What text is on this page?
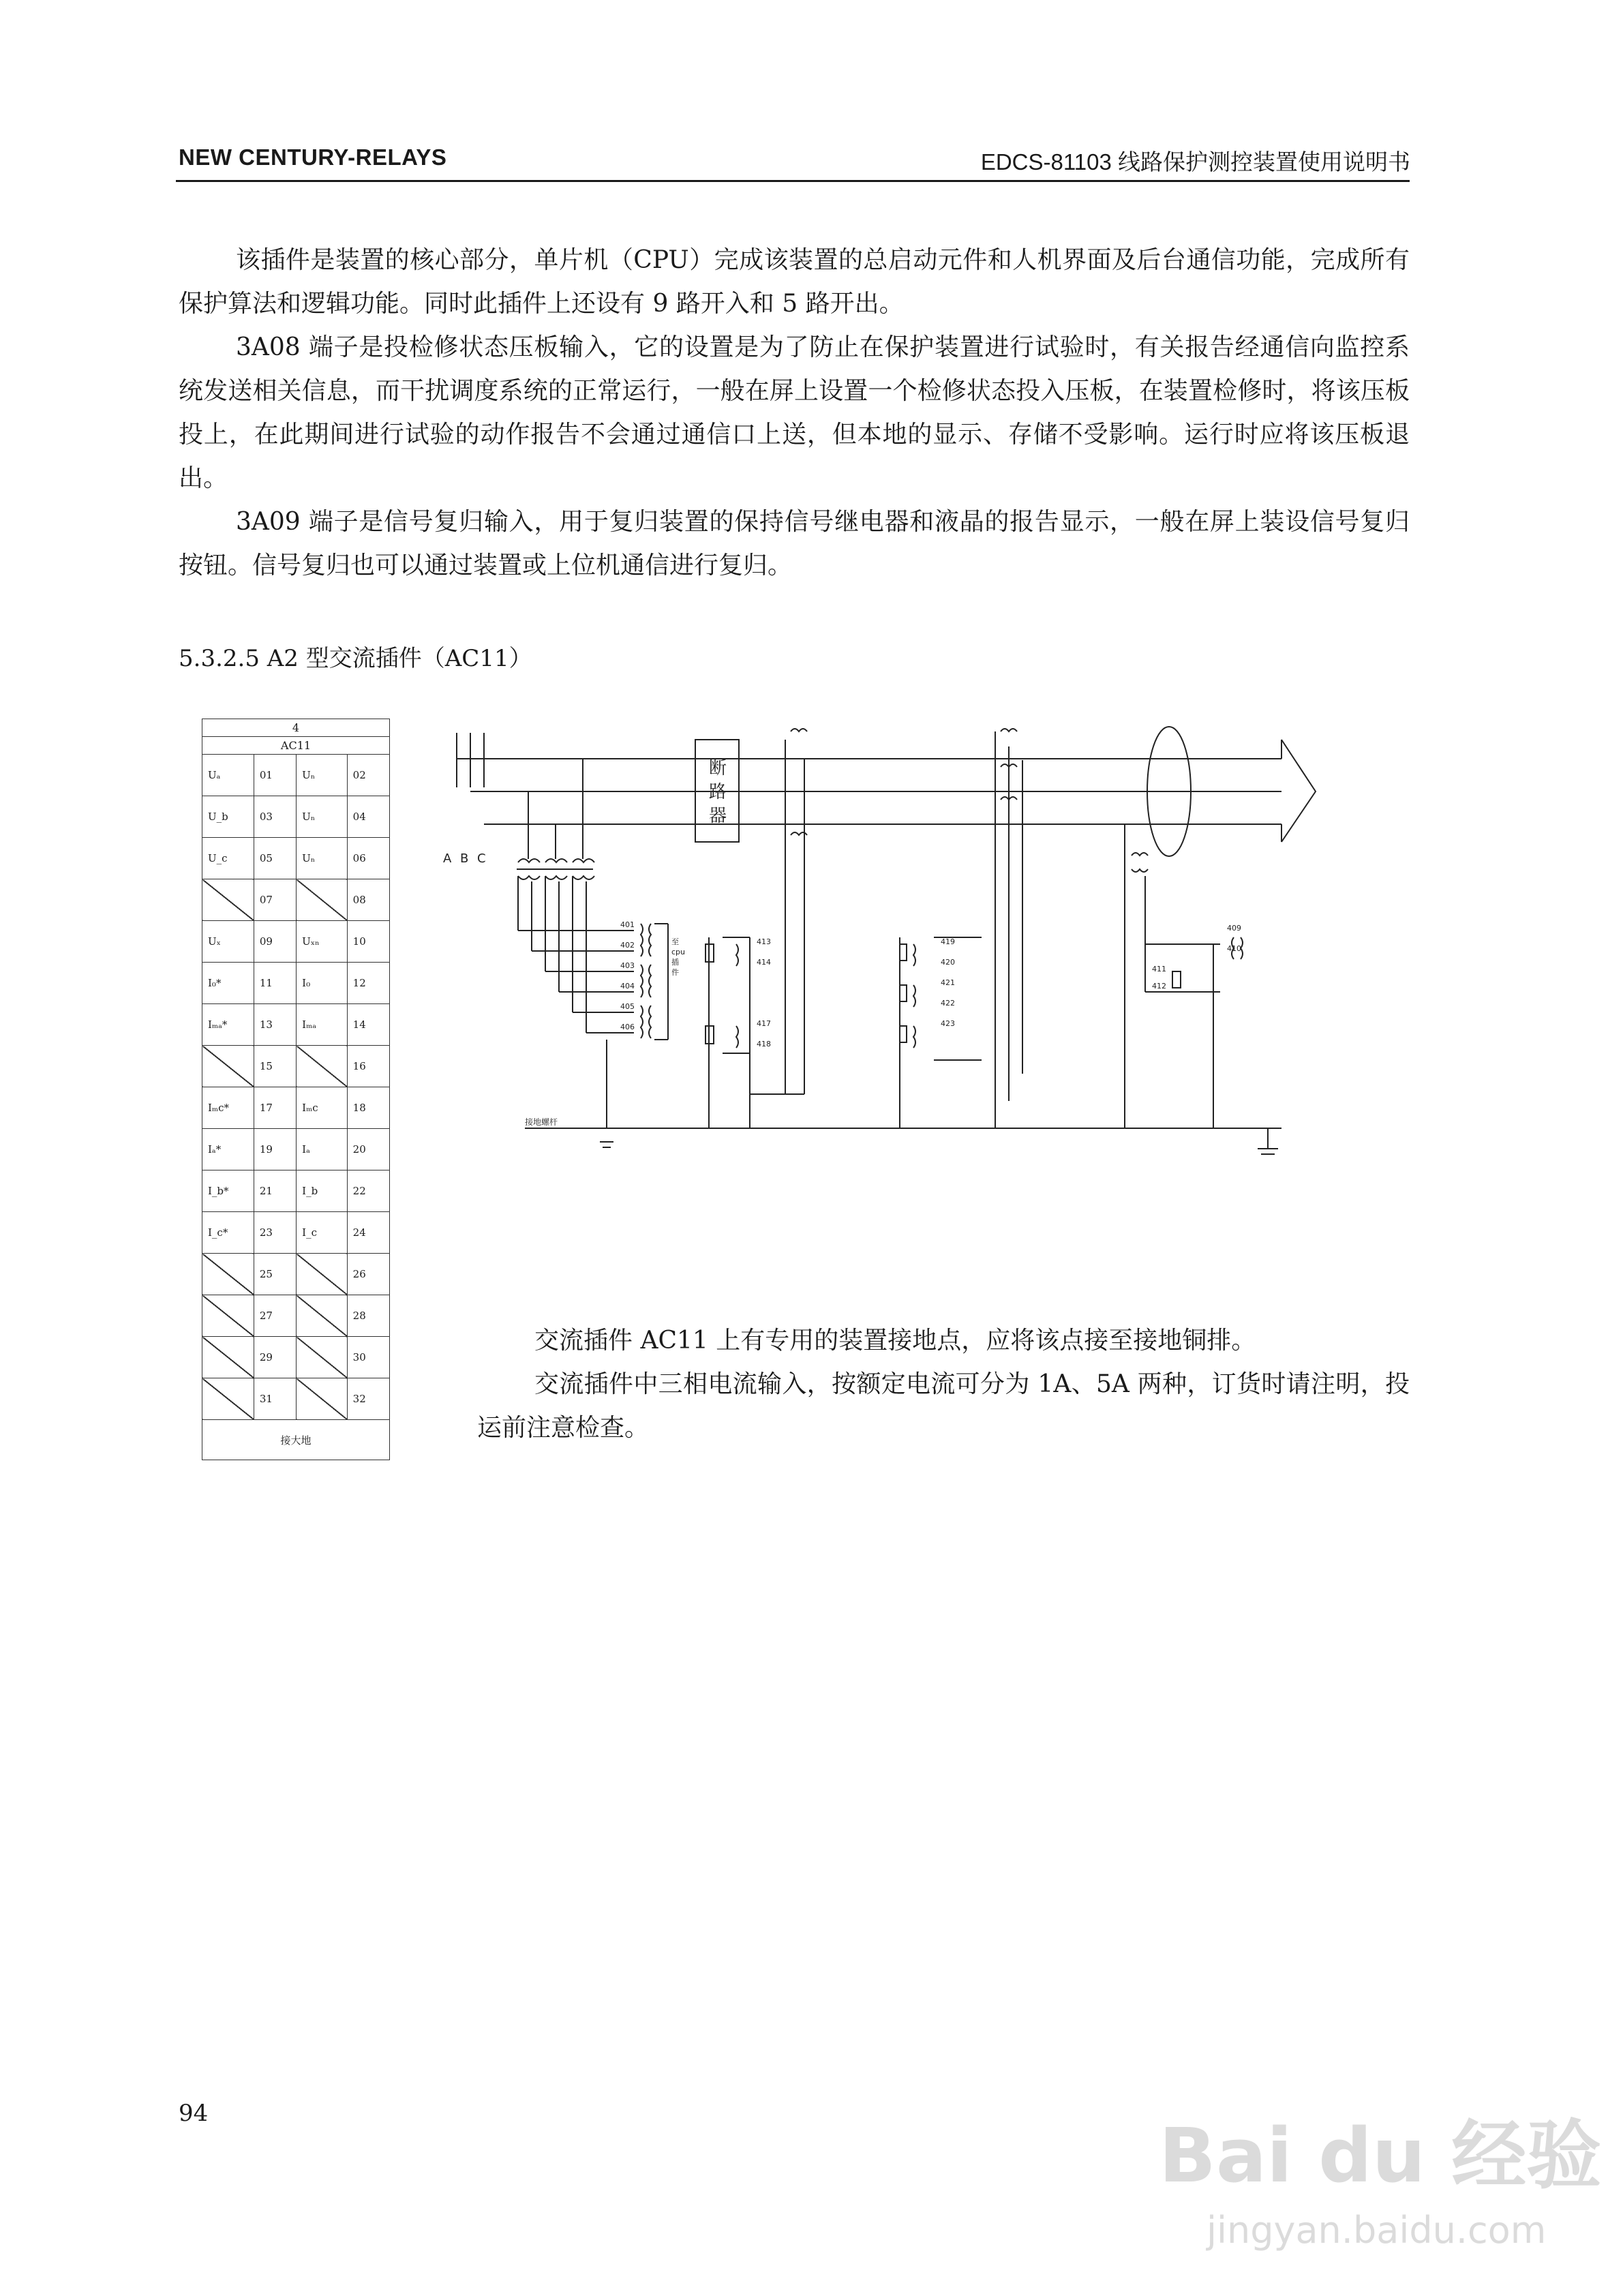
NEW CENTURY-RELAYS	EDCS-81103 线路保护测控装置使用说明书

该插件是装置的核心部分，单片机（CPU）完成该装置的总启动元件和人机界面及后台通信功能，完成所有保护算法和逻辑功能。同时此插件上还设有 9 路开入和 5 路开出。

3A08 端子是投检修状态压板输入，它的设置是为了防止在保护装置进行试验时，有关报告经通信向监控系统发送相关信息，而干扰调度系统的正常运行，一般在屏上设置一个检修状态投入压板，在装置检修时，将该压板投上，在此期间进行试验的动作报告不会通过通信口上送，但本地的显示、存储不受影响。运行时应将该压板退出。

3A09 端子是信号复归输入，用于复归装置的保持信号继电器和液晶的报告显示，一般在屏上装设信号复归按钮。信号复归也可以通过装置或上位机通信进行复归。

5.3.2.5 A2 型交流插件（AC11）
4			
AC11			
Uₐ	01	Uₙ	02
U_b	03	Uₙ	04
U_c	05	Uₙ	06
	07		08
Uₓ	09	Uₓₙ	10
I₀*	11	I₀	12
Iₘₐ*	13	Iₘₐ	14
	15		16
Iₘc*	17	Iₘc	18
Iₐ*	19	Iₐ	20
I_b*	21	I_b	22
I_c*	23	I_c	24
	25		26
	27		28
	29		30
	31		32
接大地			
A B C
断
路
器
接地螺杆
至
cpu
插
件
401
402
403
404
405
406
409
410
411
412
413
414
417
418
419
420
421
422
423

交流插件 AC11 上有专用的装置接地点，应将该点接至接地铜排。

交流插件中三相电流输入，按额定电流可分为 1A、5A 两种，订货时请注明，投运前注意检查。

94	Bai du 经验
jingyan.baidu.com
